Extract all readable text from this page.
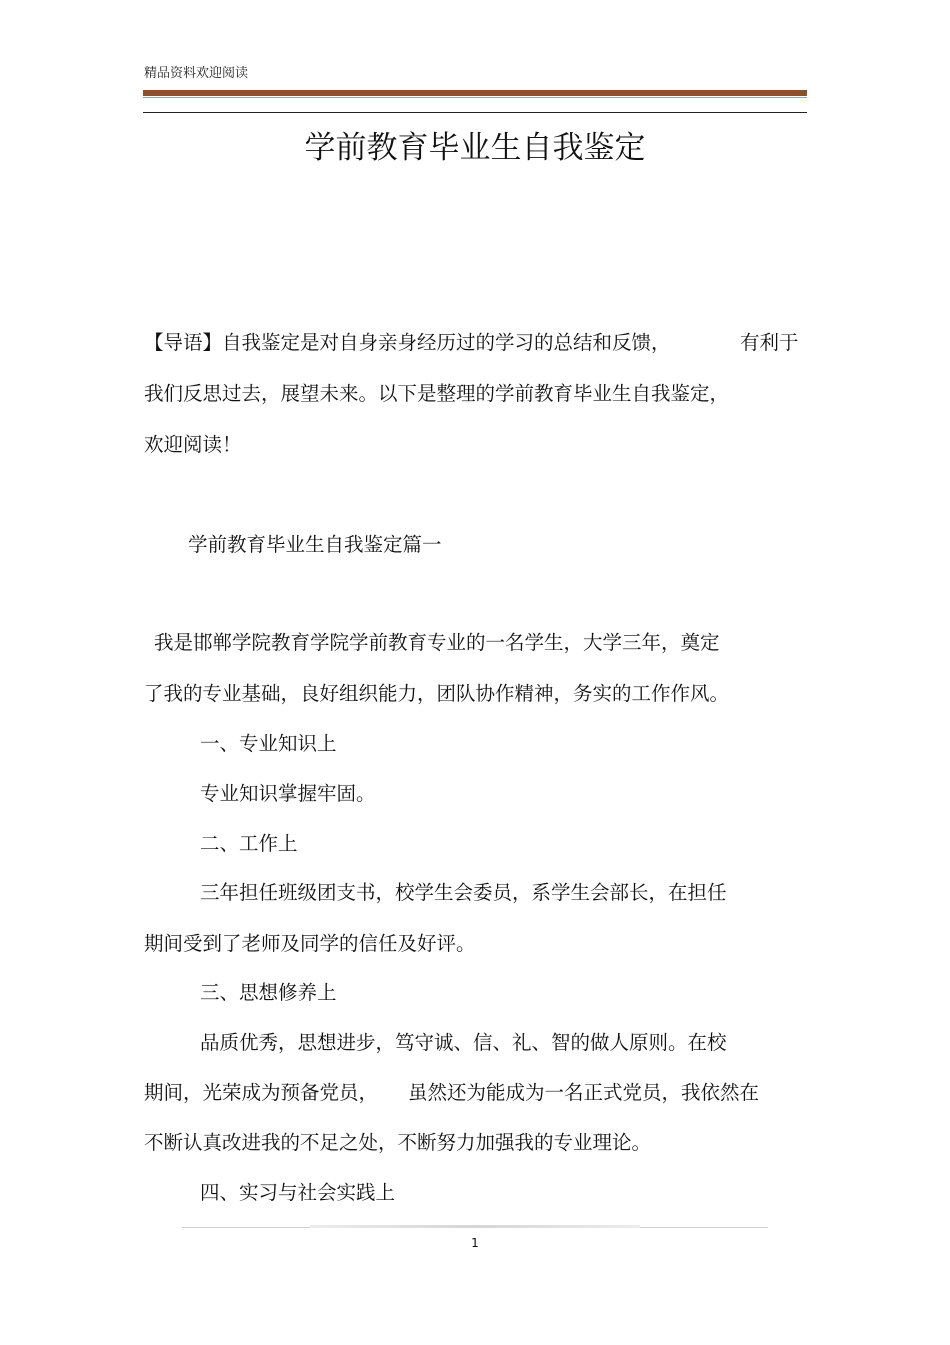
精品资料欢迎阅读
学前教育毕业生自我鉴定
【导语】自我鉴定是对自身亲身经历过的学习的总结和反馈，	有利于
我们反思过去，展望未来。以下是整理的学前教育毕业生自我鉴定，
欢迎阅读！
学前教育毕业生自我鉴定篇一
我是邯郸学院教育学院学前教育专业的一名学生，大学三年，奠定
了我的专业基础，良好组织能力，团队协作精神，务实的工作作风。
一、专业知识上
专业知识掌握牢固。
二、工作上
三年担任班级团支书，校学生会委员，系学生会部长，在担任
期间受到了老师及同学的信任及好评。
三、思想修养上
品质优秀，思想进步，笃守诚、信、礼、智的做人原则。在校
期间，光荣成为预备党员， 虽然还为能成为一名正式党员，我依然在
不断认真改进我的不足之处，不断努力加强我的专业理论。
四、实习与社会实践上
1
